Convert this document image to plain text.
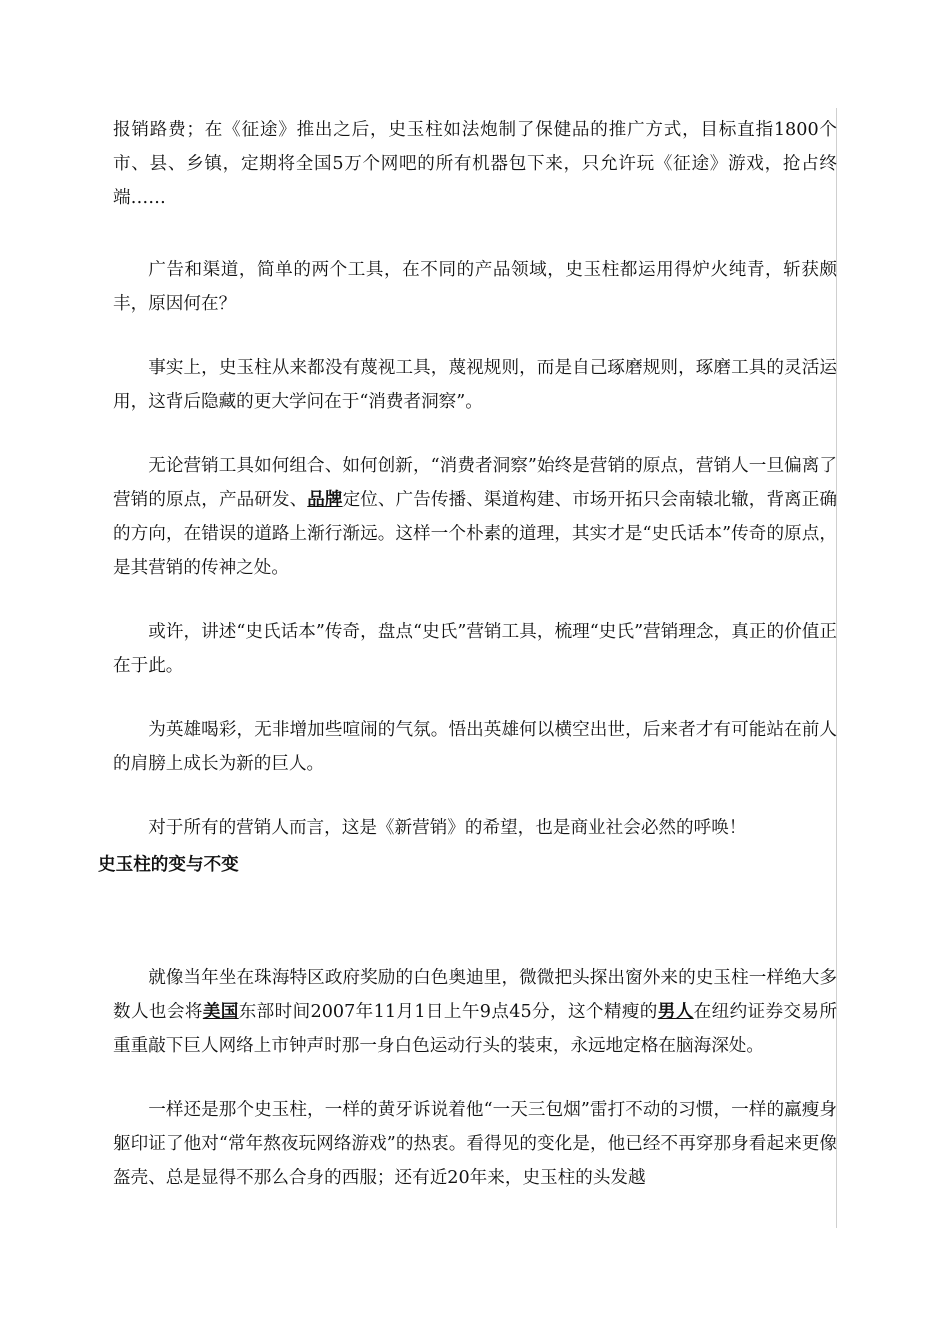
报销路费；在《征途》推出之后，史玉柱如法炮制了保健品的推广方式，目标直指1800个市、县、乡镇，定期将全国5万个网吧的所有机器包下来，只允许玩《征途》游戏，抢占终端……

广告和渠道，简单的两个工具，在不同的产品领域，史玉柱都运用得炉火纯青，斩获颇丰，原因何在？

事实上，史玉柱从来都没有蔑视工具，蔑视规则，而是自己琢磨规则，琢磨工具的灵活运用，这背后隐藏的更大学问在于“消费者洞察”。

无论营销工具如何组合、如何创新，“消费者洞察”始终是营销的原点，营销人一旦偏离了营销的原点，产品研发、品牌定位、广告传播、渠道构建、市场开拓只会南辕北辙，背离正确的方向，在错误的道路上渐行渐远。这样一个朴素的道理，其实才是“史氏话本”传奇的原点，是其营销的传神之处。

或许，讲述“史氏话本”传奇，盘点“史氏”营销工具，梳理“史氏”营销理念，真正的价值正在于此。

为英雄喝彩，无非增加些喧闹的气氛。悟出英雄何以横空出世，后来者才有可能站在前人的肩膀上成长为新的巨人。

对于所有的营销人而言，这是《新营销》的希望，也是商业社会必然的呼唤！

史玉柱的变与不变

就像当年坐在珠海特区政府奖励的白色奥迪里，微微把头探出窗外来的史玉柱一样绝大多数人也会将美国东部时间2007年11月1日上午9点45分，这个精瘦的男人在纽约证券交易所重重敲下巨人网络上市钟声时那一身白色运动行头的装束，永远地定格在脑海深处。

一样还是那个史玉柱，一样的黄牙诉说着他“一天三包烟”雷打不动的习惯，一样的羸瘦身躯印证了他对“常年熬夜玩网络游戏”的热衷。看得见的变化是，他已经不再穿那身看起来更像盔壳、总是显得不那么合身的西服；还有近20年来，史玉柱的头发越
